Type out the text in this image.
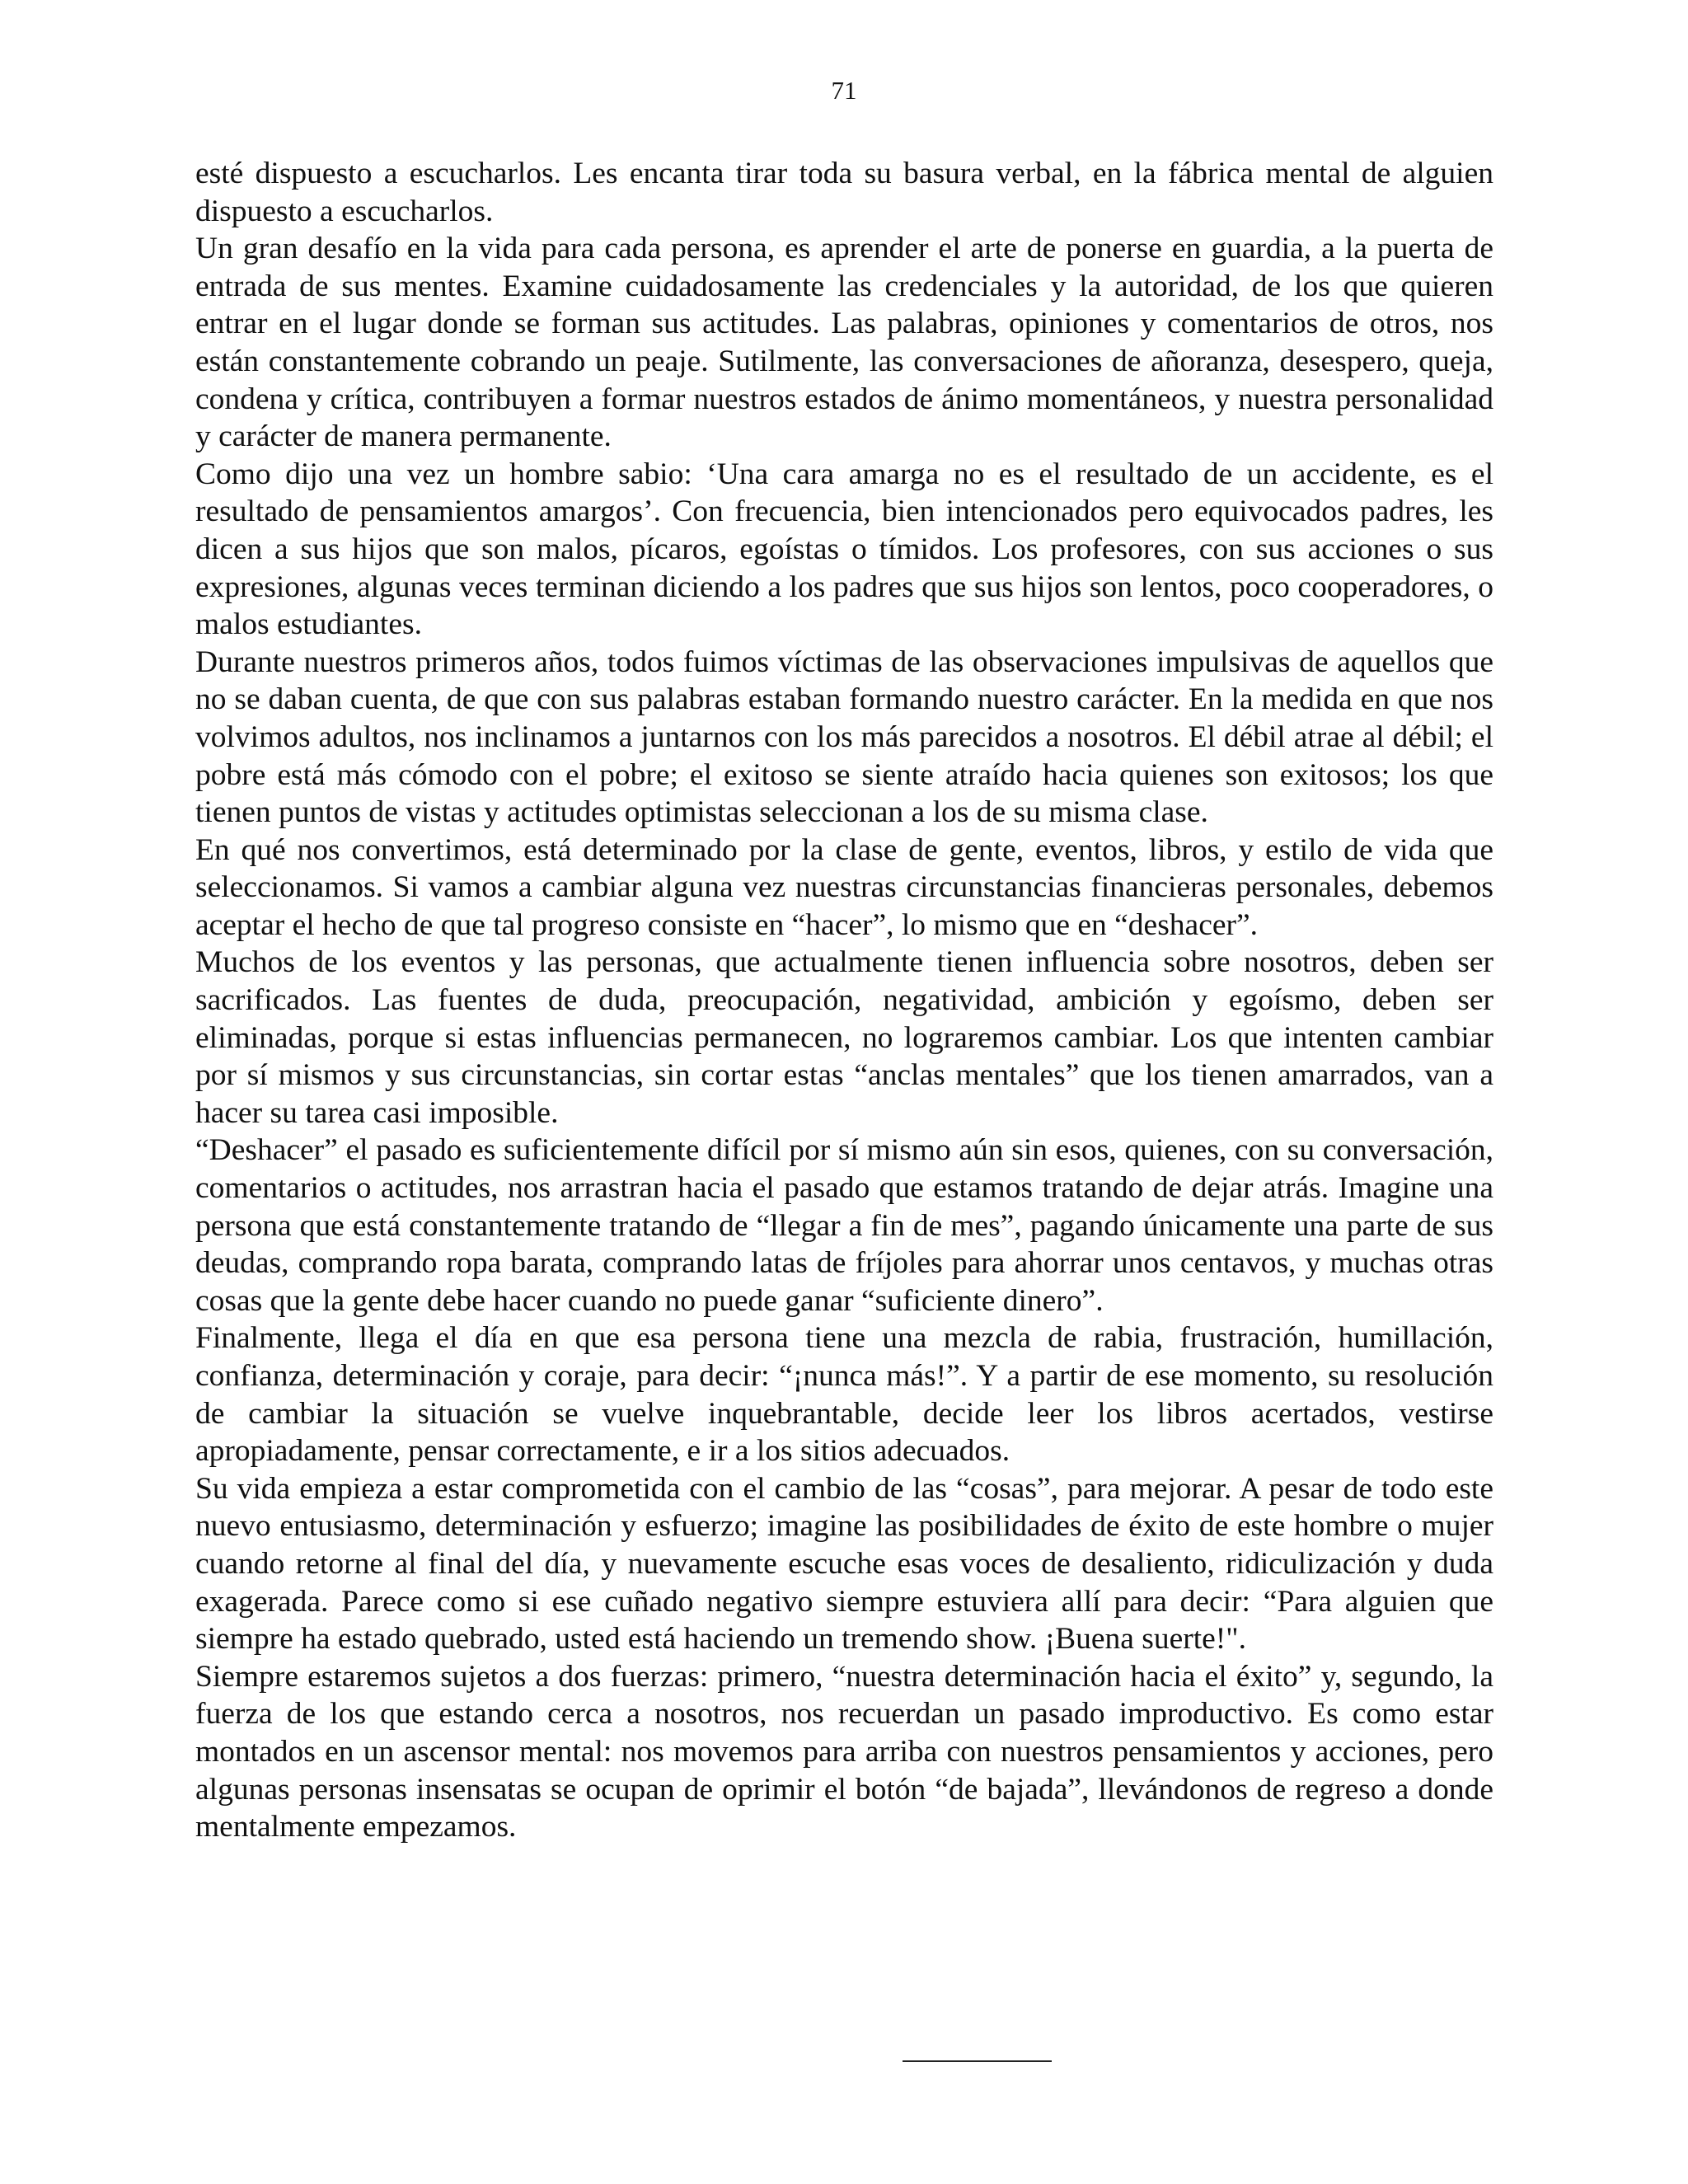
71

esté dispuesto a escucharlos. Les encanta tirar toda su basura verbal, en la fábrica mental de alguien dispuesto a escucharlos.

Un gran desafío en la vida para cada persona, es aprender el arte de ponerse en guardia, a la puerta de entrada de sus mentes. Examine cuidadosamente las credenciales y la autoridad, de los que quieren entrar en el lugar donde se forman sus actitudes. Las palabras, opiniones y comentarios de otros, nos están constantemente cobrando un peaje. Sutilmente, las conversaciones de añoranza, desespero, queja, condena y crítica, contribuyen a formar nuestros estados de ánimo momentáneos, y nuestra personalidad y carácter de manera permanente.

Como dijo una vez un hombre sabio: ‘Una cara amarga no es el resultado de un accidente, es el resultado de pensamientos amargos’. Con frecuencia, bien intencionados pero equivocados padres, les dicen a sus hijos que son malos, pícaros, egoístas o tímidos. Los profesores, con sus acciones o sus expresiones, algunas veces terminan diciendo a los padres que sus hijos son lentos, poco cooperadores, o malos estudiantes.

Durante nuestros primeros años, todos fuimos víctimas de las observaciones impulsivas de aquellos que no se daban cuenta, de que con sus palabras estaban formando nuestro carácter. En la medida en que nos volvimos adultos, nos inclinamos a juntarnos con los más parecidos a nosotros. El débil atrae al débil; el pobre está más cómodo con el pobre; el exitoso se siente atraído hacia quienes son exitosos; los que tienen puntos de vistas y actitudes optimistas seleccionan a los de su misma clase.

En qué nos convertimos, está determinado por la clase de gente, eventos, libros, y estilo de vida que seleccionamos. Si vamos a cambiar alguna vez nuestras circunstancias financieras personales, debemos aceptar el hecho de que tal progreso consiste en “hacer”, lo mismo que en “deshacer”.

Muchos de los eventos y las personas, que actualmente tienen influencia sobre nosotros, deben ser sacrificados. Las fuentes de duda, preocupación, negatividad, ambición y egoísmo, deben ser eliminadas, porque si estas influencias permanecen, no lograremos cambiar. Los que intenten cambiar por sí mismos y sus circunstancias, sin cortar estas “anclas mentales” que los tienen amarrados, van a hacer su tarea casi imposible.

“Deshacer” el pasado es suficientemente difícil por sí mismo aún sin esos, quienes, con su conversación, comentarios o actitudes, nos arrastran hacia el pasado que estamos tratando de dejar atrás. Imagine una persona que está constantemente tratando de “llegar a fin de mes”, pagando únicamente una parte de sus deudas, comprando ropa barata, comprando latas de fríjoles para ahorrar unos centavos, y muchas otras cosas que la gente debe hacer cuando no puede ganar “suficiente dinero”.

Finalmente, llega el día en que esa persona tiene una mezcla de rabia, frustración, humillación, confianza, determinación y coraje, para decir: “¡nunca más!”. Y a partir de ese momento, su resolución de cambiar la situación se vuelve inquebrantable, decide leer los libros acertados, vestirse apropiadamente, pensar correctamente, e ir a los sitios adecuados.

Su vida empieza a estar comprometida con el cambio de las “cosas”, para mejorar. A pesar de todo este nuevo entusiasmo, determinación y esfuerzo; imagine las posibilidades de éxito de este hombre o mujer cuando retorne al final del día, y nuevamente escuche esas voces de desaliento, ridiculización y duda exagerada. Parece como si ese cuñado negativo siempre estuviera allí para decir: “Para alguien que siempre ha estado quebrado, usted está haciendo un tremendo show. ¡Buena suerte!".

Siempre estaremos sujetos a dos fuerzas: primero, “nuestra determinación hacia el éxito” y, segundo, la fuerza de los que estando cerca a nosotros, nos recuerdan un pasado improductivo. Es como estar montados en un ascensor mental: nos movemos para arriba con nuestros pensamientos y acciones, pero algunas personas insensatas se ocupan de oprimir el botón “de bajada”, llevándonos de regreso a donde mentalmente empezamos.
